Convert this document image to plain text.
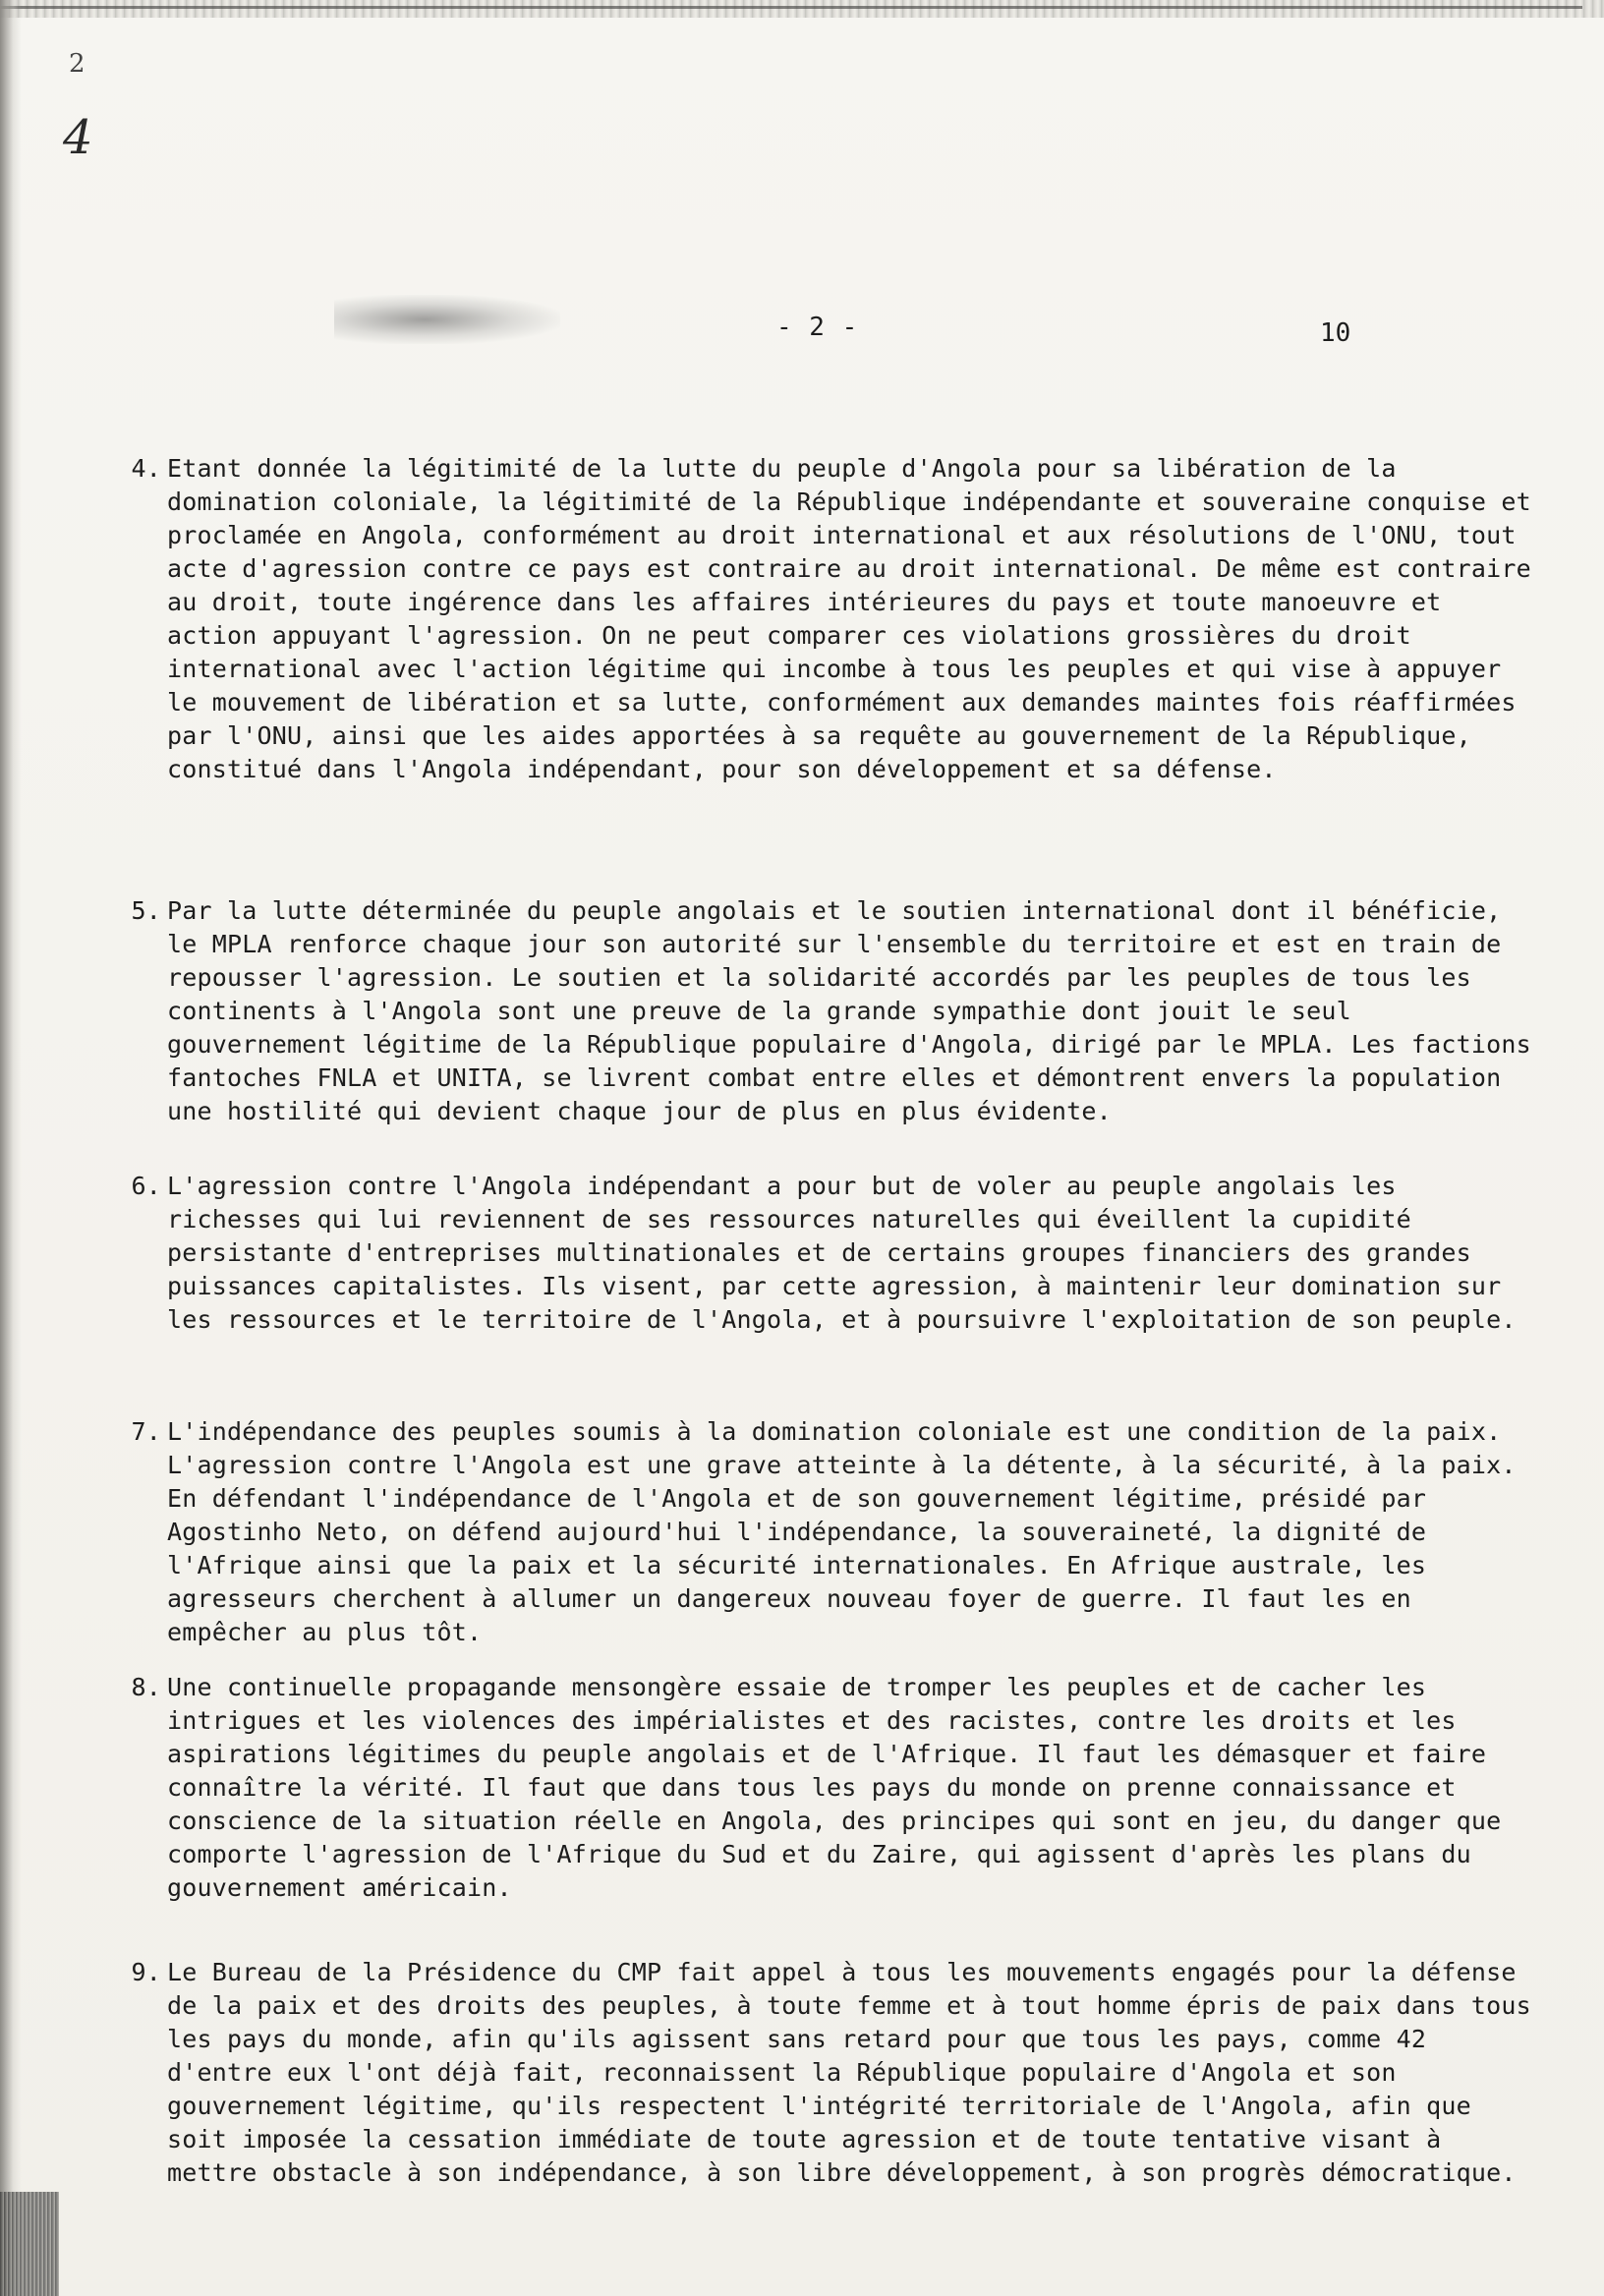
2
4
- 2 -	10
4. Etant donnée la légitimité de la lutte du peuple d'Angola pour sa libération de la domination coloniale, la légitimité de la République indépendante et souveraine conquise et proclamée en Angola, conformément au droit international et aux résolutions de l'ONU, tout acte d'agression contre ce pays est contraire au droit international. De même est contraire au droit, toute ingérence dans les affaires intérieures du pays et toute manoeuvre et action appuyant l'agression. On ne peut comparer ces violations grossières du droit international avec l'action légitime qui incombe à tous les peuples et qui vise à appuyer le mouvement de libération et sa lutte, conformément aux demandes maintes fois réaffirmées par l'ONU, ainsi que les aides apportées à sa requête au gouvernement de la République, constitué dans l'Angola indépendant, pour son développement et sa défense.
5. Par la lutte déterminée du peuple angolais et le soutien international dont il bénéficie, le MPLA renforce chaque jour son autorité sur l'ensemble du territoire et est en train de repousser l'agression. Le soutien et la solidarité accordés par les peuples de tous les continents à l'Angola sont une preuve de la grande sympathie dont jouit le seul gouvernement légitime de la République populaire d'Angola, dirigé par le MPLA. Les factions fantoches FNLA et UNITA, se livrent combat entre elles et démontrent envers la population une hostilité qui devient chaque jour de plus en plus évidente.
6. L'agression contre l'Angola indépendant a pour but de voler au peuple angolais les richesses qui lui reviennent de ses ressources naturelles qui éveillent la cupidité persistante d'entreprises multinationales et de certains groupes financiers des grandes puissances capitalistes. Ils visent, par cette agression, à maintenir leur domination sur les ressources et le territoire de l'Angola, et à poursuivre l'exploitation de son peuple.
7. L'indépendance des peuples soumis à la domination coloniale est une condition de la paix. L'agression contre l'Angola est une grave atteinte à la détente, à la sécurité, à la paix. En défendant l'indépendance de l'Angola et de son gouvernement légitime, présidé par Agostinho Neto, on défend aujourd'hui l'indépendance, la souveraineté, la dignité de l'Afrique ainsi que la paix et la sécurité internationales. En Afrique australe, les agresseurs cherchent à allumer un dangereux nouveau foyer de guerre. Il faut les en empêcher au plus tôt.
8. Une continuelle propagande mensongère essaie de tromper les peuples et de cacher les intrigues et les violences des impérialistes et des racistes, contre les droits et les aspirations légitimes du peuple angolais et de l'Afrique. Il faut les démasquer et faire connaître la vérité. Il faut que dans tous les pays du monde on prenne connaissance et conscience de la situation réelle en Angola, des principes qui sont en jeu, du danger que comporte l'agression de l'Afrique du Sud et du Zaire, qui agissent d'après les plans du gouvernement américain.
9. Le Bureau de la Présidence du CMP fait appel à tous les mouvements engagés pour la défense de la paix et des droits des peuples, à toute femme et à tout homme épris de paix dans tous les pays du monde, afin qu'ils agissent sans retard pour que tous les pays, comme 42 d'entre eux l'ont déjà fait, reconnaissent la République populaire d'Angola et son gouvernement légitime, qu'ils respectent l'intégrité territoriale de l'Angola, afin que soit imposée la cessation immédiate de toute agression et de toute tentative visant à mettre obstacle à son indépendance, à son libre développement, à son progrès démocratique.
